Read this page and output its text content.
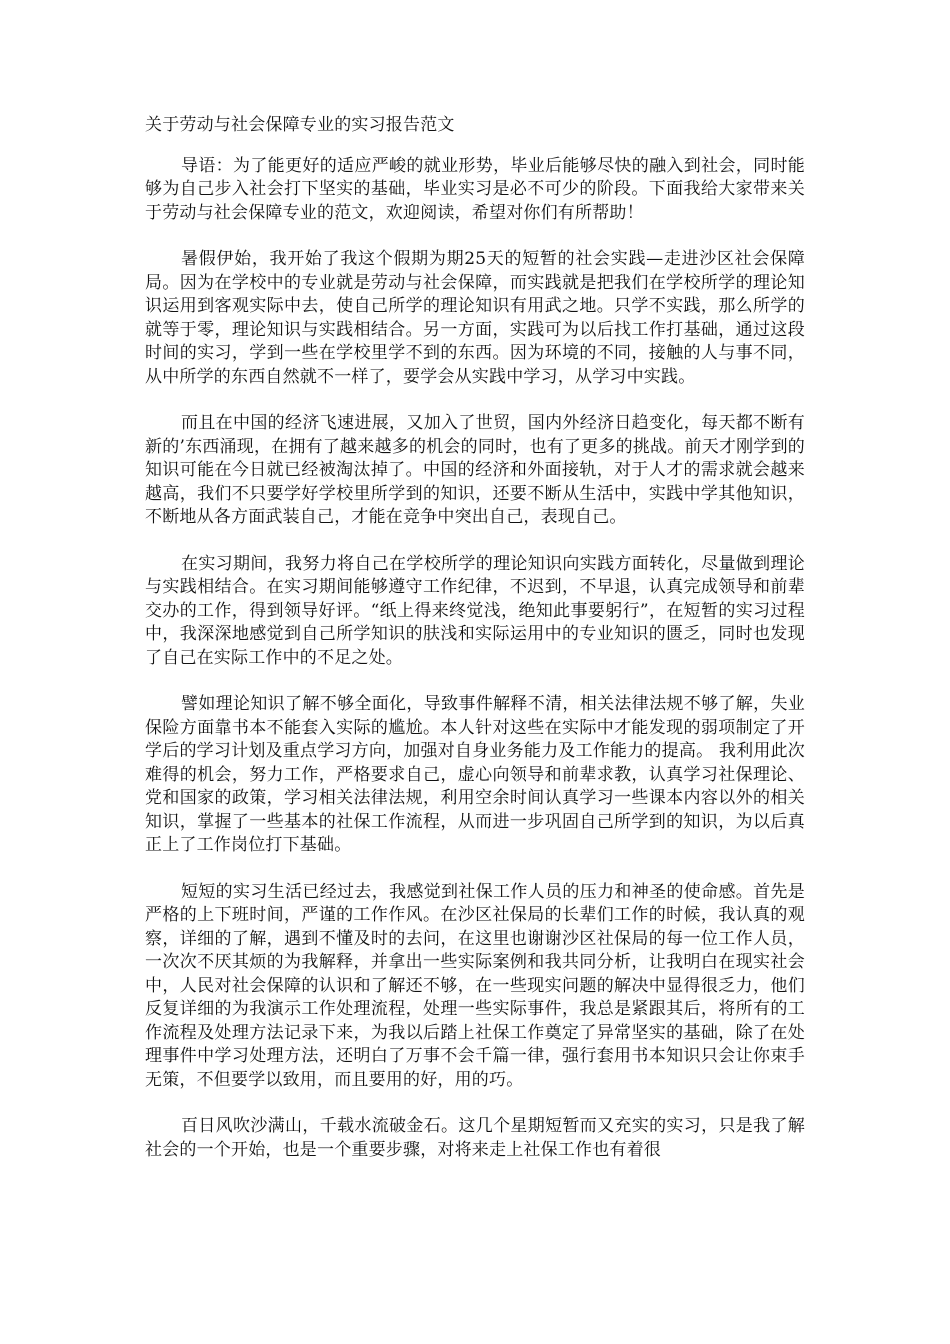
关于劳动与社会保障专业的实习报告范文

导语：为了能更好的适应严峻的就业形势，毕业后能够尽快的融入到社会，同时能够为自己步入社会打下坚实的基础，毕业实习是必不可少的阶段。下面我给大家带来关于劳动与社会保障专业的范文，欢迎阅读，希望对你们有所帮助！

暑假伊始，我开始了我这个假期为期25天的短暂的社会实践—走进沙区社会保障局。因为在学校中的专业就是劳动与社会保障，而实践就是把我们在学校所学的理论知识运用到客观实际中去，使自己所学的理论知识有用武之地。只学不实践，那么所学的就等于零，理论知识与实践相结合。另一方面，实践可为以后找工作打基础，通过这段时间的实习，学到一些在学校里学不到的东西。因为环境的不同，接触的人与事不同，从中所学的东西自然就不一样了，要学会从实践中学习，从学习中实践。

而且在中国的经济飞速进展，又加入了世贸，国内外经济日趋变化，每天都不断有新的’东西涌现，在拥有了越来越多的机会的同时，也有了更多的挑战。前天才刚学到的知识可能在今日就已经被淘汰掉了。中国的经济和外面接轨，对于人才的需求就会越来越高，我们不只要学好学校里所学到的知识，还要不断从生活中，实践中学其他知识，不断地从各方面武装自己，才能在竞争中突出自己，表现自己。

在实习期间，我努力将自己在学校所学的理论知识向实践方面转化，尽量做到理论与实践相结合。在实习期间能够遵守工作纪律，不迟到，不早退，认真完成领导和前辈交办的工作，得到领导好评。“纸上得来终觉浅，绝知此事要躬行”，在短暂的实习过程中，我深深地感觉到自己所学知识的肤浅和实际运用中的专业知识的匮乏，同时也发现了自己在实际工作中的不足之处。

譬如理论知识了解不够全面化，导致事件解释不清，相关法律法规不够了解，失业保险方面靠书本不能套入实际的尴尬。本人针对这些在实际中才能发现的弱项制定了开学后的学习计划及重点学习方向，加强对自身业务能力及工作能力的提高。 我利用此次难得的机会，努力工作，严格要求自己，虚心向领导和前辈求教，认真学习社保理论、党和国家的政策，学习相关法律法规，利用空余时间认真学习一些课本内容以外的相关知识，掌握了一些基本的社保工作流程，从而进一步巩固自己所学到的知识，为以后真正上了工作岗位打下基础。

短短的实习生活已经过去，我感觉到社保工作人员的压力和神圣的使命感。首先是严格的上下班时间，严谨的工作作风。在沙区社保局的长辈们工作的时候，我认真的观察，详细的了解，遇到不懂及时的去问，在这里也谢谢沙区社保局的每一位工作人员，一次次不厌其烦的为我解释，并拿出一些实际案例和我共同分析，让我明白在现实社会中，人民对社会保障的认识和了解还不够，在一些现实问题的解决中显得很乏力，他们反复详细的为我演示工作处理流程，处理一些实际事件，我总是紧跟其后，将所有的工作流程及处理方法记录下来，为我以后踏上社保工作奠定了异常坚实的基础，除了在处理事件中学习处理方法，还明白了万事不会千篇一律，强行套用书本知识只会让你束手无策，不但要学以致用，而且要用的好，用的巧。

百日风吹沙满山，千载水流破金石。这几个星期短暂而又充实的实习，只是我了解社会的一个开始，也是一个重要步骤，对将来走上社保工作也有着很
